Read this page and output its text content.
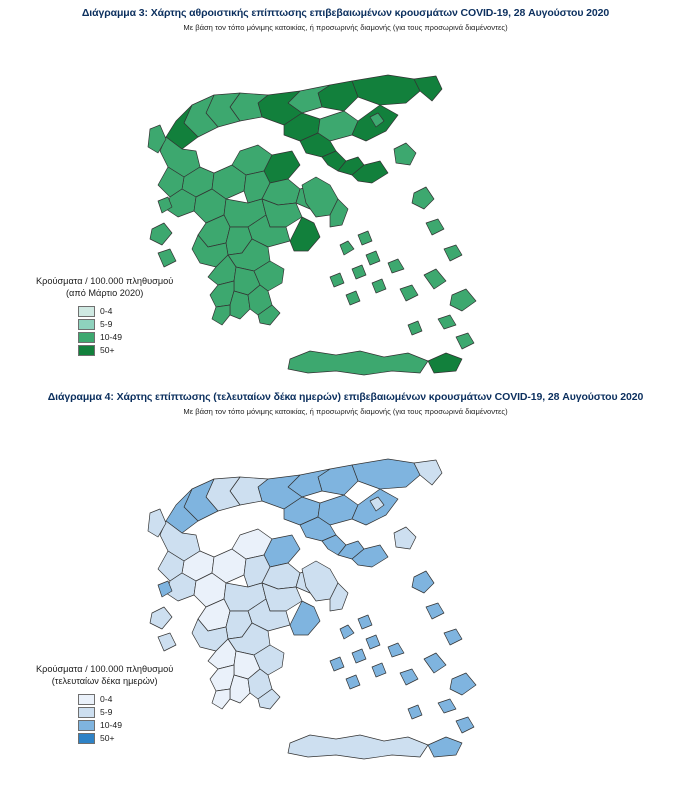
Διάγραμμα 3: Χάρτης αθροιστικής επίπτωσης επιβεβαιωμένων κρουσμάτων COVID-19, 28 Αυγούστου 2020
Με βάση τον τόπο μόνιμης κατοικίας, ή προσωρινής διαμονής (για τους προσωρινά διαμένοντες)
Κρούσματα / 100.000 πληθυσμού
(από Μάρτιο 2020)
0-4
5-9
10-49
50+
Διάγραμμα 4: Χάρτης επίπτωσης (τελευταίων δέκα ημερών) επιβεβαιωμένων κρουσμάτων COVID-19, 28 Αυγούστου 2020
Με βάση τον τόπο μόνιμης κατοικίας, ή προσωρινής διαμονής (για τους προσωρινά διαμένοντες)
Κρούσματα / 100.000 πληθυσμού
(τελευταίων δέκα ημερών)
0-4
5-9
10-49
50+
